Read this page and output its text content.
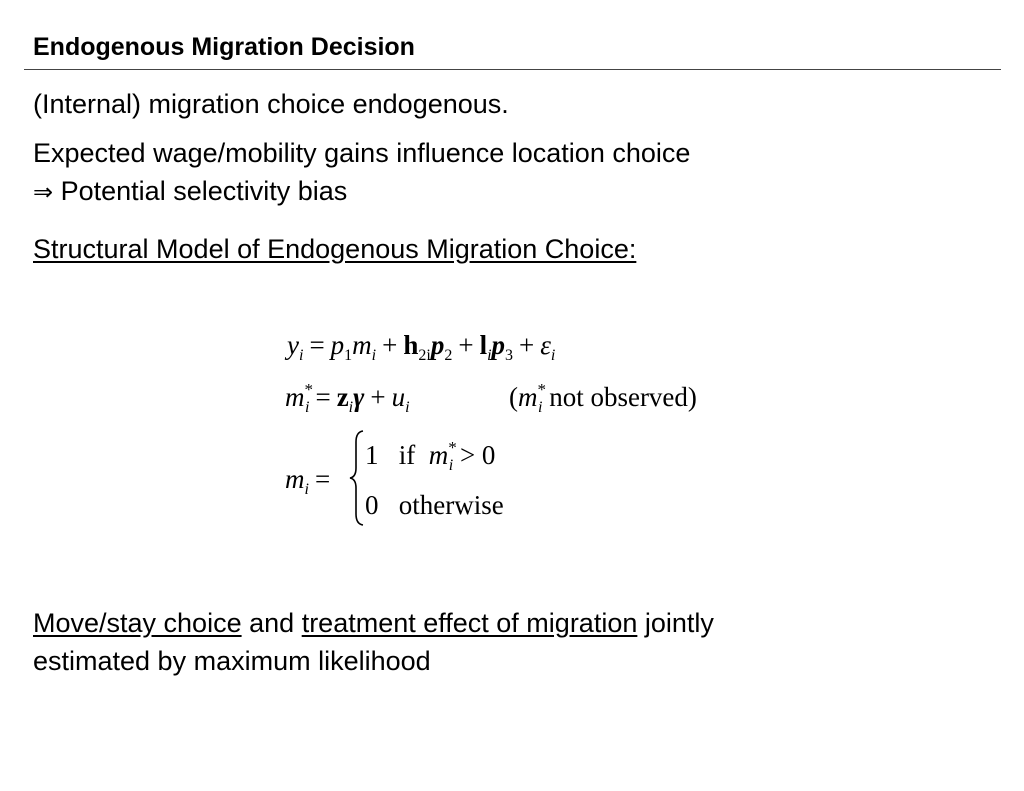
Endogenous Migration Decision
(Internal) migration choice endogenous.
Expected wage/mobility gains influence location choice
⇒ Potential selectivity bias
Structural Model of Endogenous Migration Choice:
$y_i = p_1m_i + h_{2i}p_2 + l_ip_3 + \varepsilon_i$
$m^*_i = z_i\gamma + u_i$	($m^*_i$ not observed)
$m_i$ =
1 if $m^*_i > 0$
0 otherwise
Move/stay choice and treatment effect of migration jointly
estimated by maximum likelihood
